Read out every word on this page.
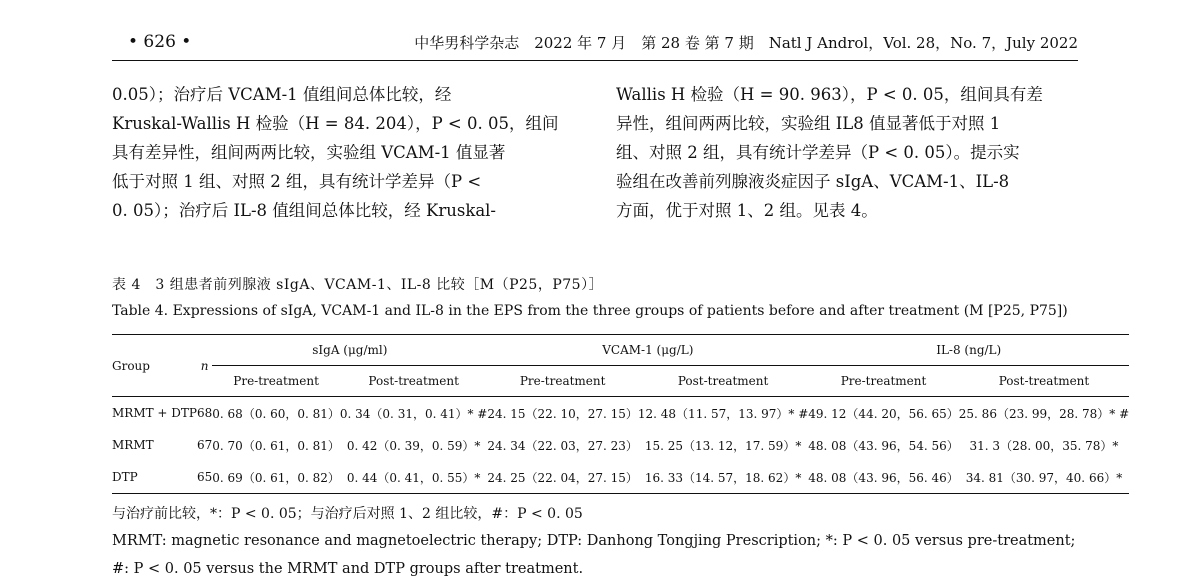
• 626 •	中华男科学杂志　2022 年 7 月　第 28 卷 第 7 期　Natl J Androl，Vol. 28，No. 7，July 2022

0.05）；治疗后 VCAM-1 值组间总体比较，经

Kruskal-Wallis H 检验（H = 84. 204），P < 0. 05，组间

具有差异性，组间两两比较，实验组 VCAM-1 值显著

低于对照 1 组、对照 2 组，具有统计学差异（P <

0. 05）；治疗后 IL-8 值组间总体比较，经 Kruskal-

Wallis H 检验（H = 90. 963），P < 0. 05，组间具有差

异性，组间两两比较，实验组 IL8 值显著低于对照 1

组、对照 2 组，具有统计学差异（P < 0. 05）。提示实

验组在改善前列腺液炎症因子 sIgA、VCAM-1、IL-8

方面，优于对照 1、2 组。见表 4。

表 4　3 组患者前列腺液 sIgA、VCAM-1、IL-8 比较［M（P25，P75）］
Table 4. Expressions of sIgA, VCAM-1 and IL-8 in the EPS from the three groups of patients before and after treatment (M [P25, P75])
Group	n	sIgA (μg/ml)		VCAM-1 (μg/L)		IL-8 (ng/L)	
		Pre-treatment	Post-treatment	Pre-treatment	Post-treatment	Pre-treatment	Post-treatment
MRMT + DTP	68	0. 68（0. 60，0. 81）	0. 34（0. 31，0. 41）* #	24. 15（22. 10，27. 15）	12. 48（11. 57，13. 97）* #	49. 12（44. 20，56. 65）	25. 86（23. 99，28. 78）* #
MRMT	67	0. 70（0. 61，0. 81）	0. 42（0. 39，0. 59）*	24. 34（22. 03，27. 23）	15. 25（13. 12，17. 59）*	48. 08（43. 96，54. 56）	31. 3（28. 00，35. 78）*
DTP	65	0. 69（0. 61，0. 82）	0. 44（0. 41，0. 55）*	24. 25（22. 04，27. 15）	16. 33（14. 57，18. 62）*	48. 08（43. 96，56. 46）	34. 81（30. 97，40. 66）*
与治疗前比较，*：P < 0. 05；与治疗后对照 1、2 组比较，#：P < 0. 05
MRMT: magnetic resonance and magnetoelectric therapy; DTP: Danhong Tongjing Prescription; *: P < 0. 05 versus pre-treatment;
#: P < 0. 05 versus the MRMT and DTP groups after treatment.
